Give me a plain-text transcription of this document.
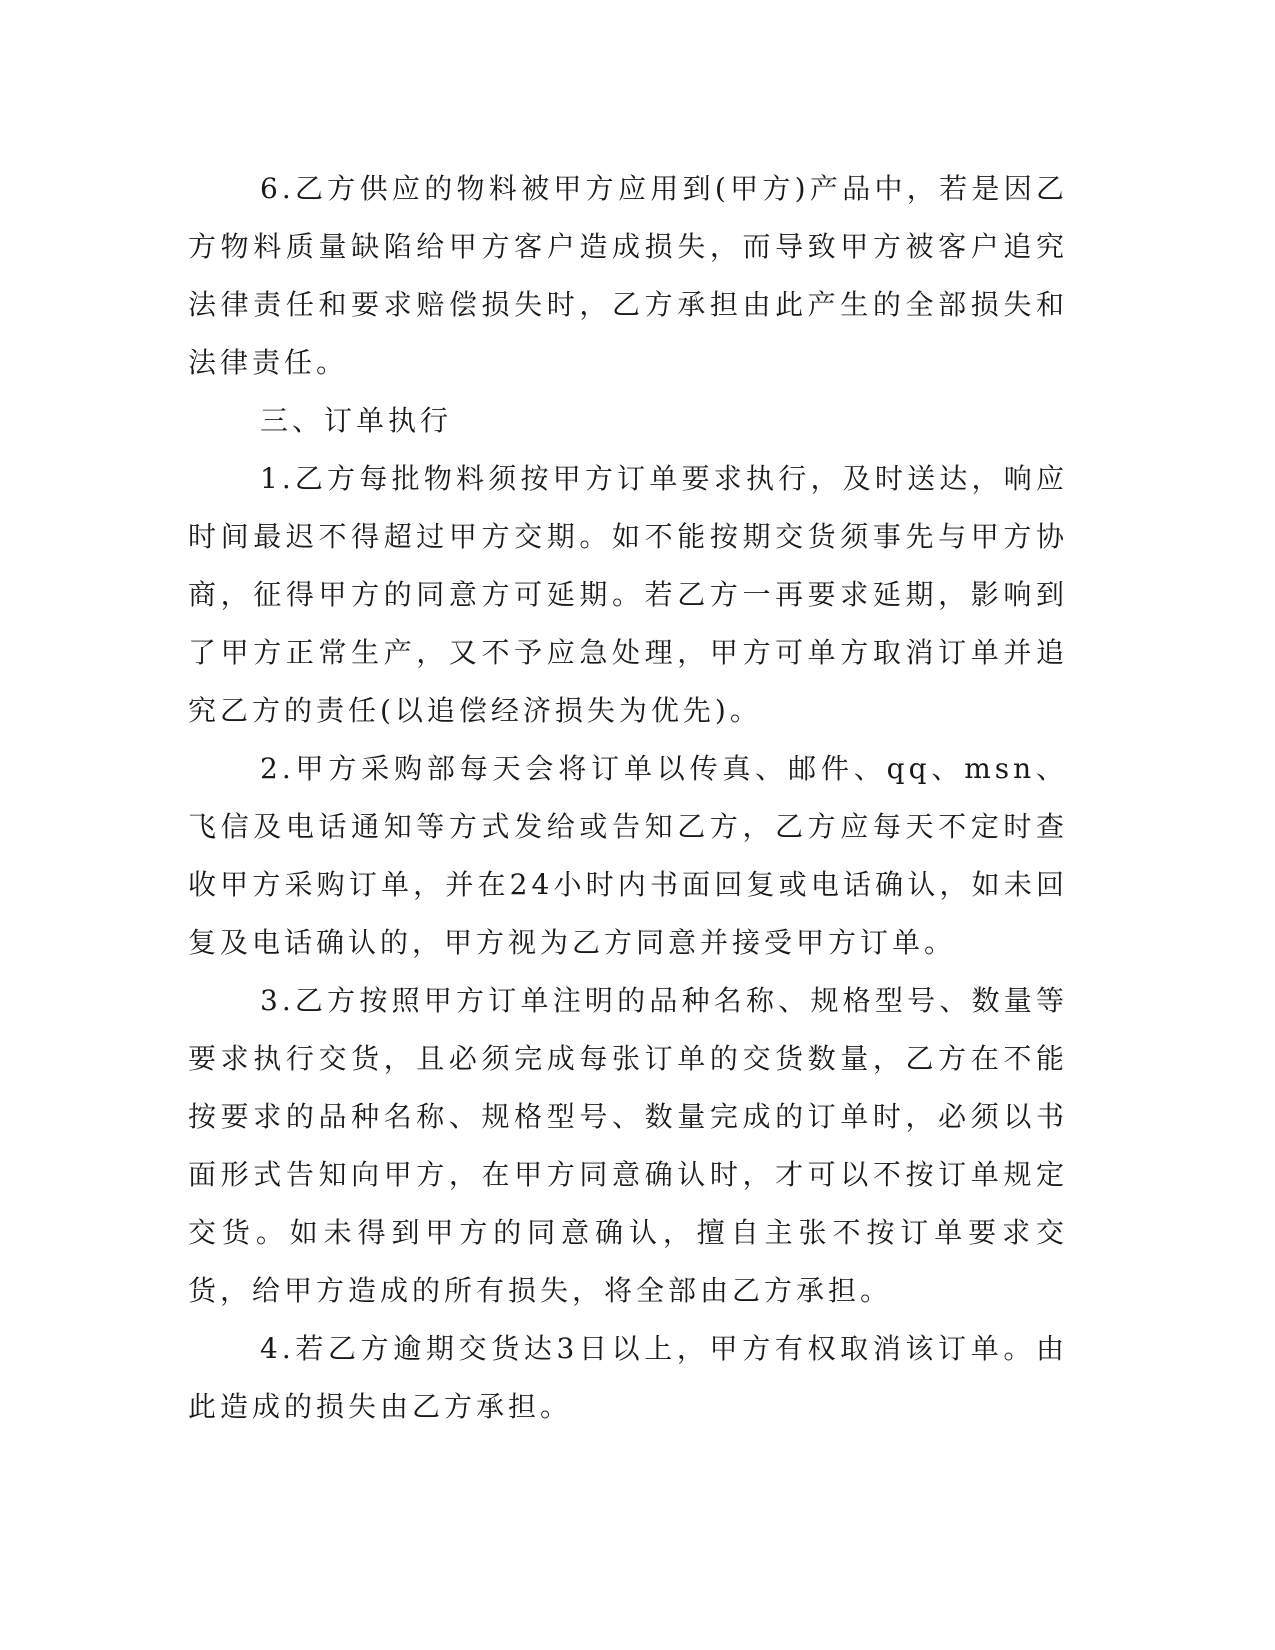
6.乙方供应的物料被甲方应用到(甲方)产品中，若是因乙方物料质量缺陷给甲方客户造成损失，而导致甲方被客户追究法律责任和要求赔偿损失时，乙方承担由此产生的全部损失和法律责任。

三、订单执行

1.乙方每批物料须按甲方订单要求执行，及时送达，响应时间最迟不得超过甲方交期。如不能按期交货须事先与甲方协商，征得甲方的同意方可延期。若乙方一再要求延期，影响到了甲方正常生产，又不予应急处理，甲方可单方取消订单并追究乙方的责任(以追偿经济损失为优先)。

2.甲方采购部每天会将订单以传真、邮件、qq、msn、飞信及电话通知等方式发给或告知乙方，乙方应每天不定时查收甲方采购订单，并在24小时内书面回复或电话确认，如未回复及电话确认的，甲方视为乙方同意并接受甲方订单。

3.乙方按照甲方订单注明的品种名称、规格型号、数量等要求执行交货，且必须完成每张订单的交货数量，乙方在不能按要求的品种名称、规格型号、数量完成的订单时，必须以书面形式告知向甲方，在甲方同意确认时，才可以不按订单规定交货。如未得到甲方的同意确认，擅自主张不按订单要求交货，给甲方造成的所有损失，将全部由乙方承担。

4.若乙方逾期交货达3日以上，甲方有权取消该订单。由此造成的损失由乙方承担。
